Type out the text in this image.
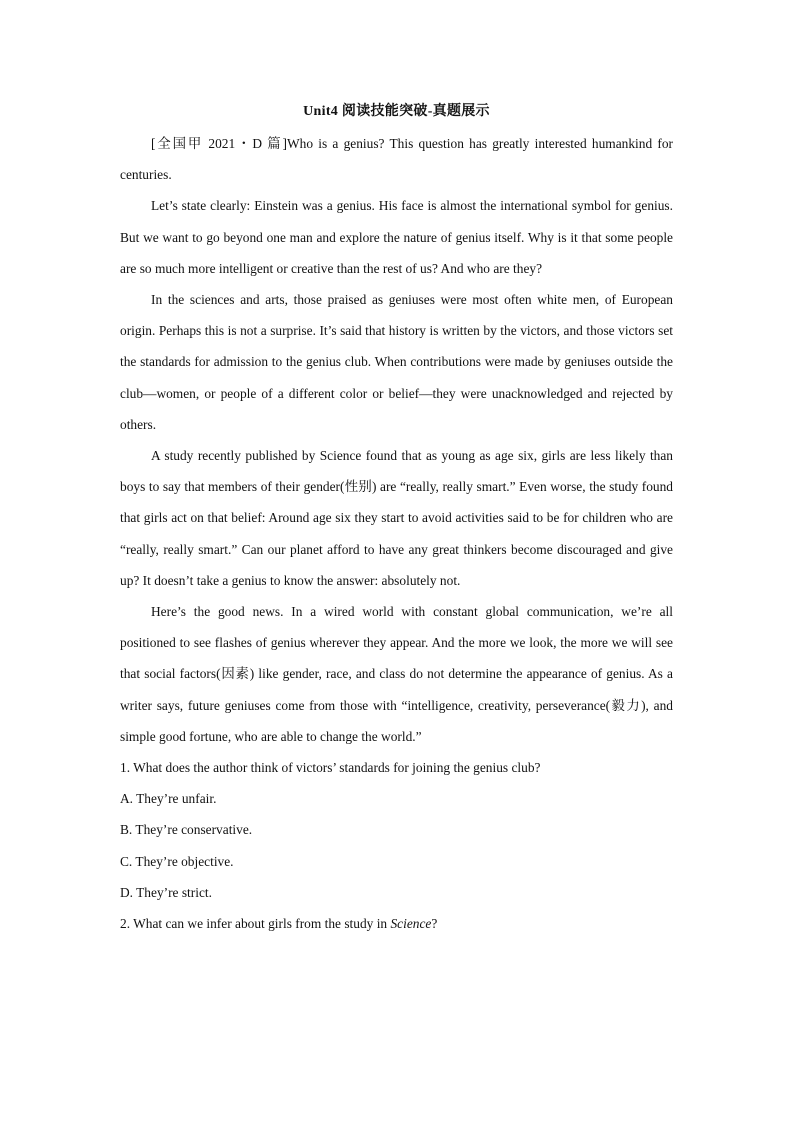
Unit4 阅读技能突破-真题展示

[全国甲 2021・D 篇]Who is a genius? This question has greatly interested humankind for centuries.

Let’s state clearly: Einstein was a genius. His face is almost the international symbol for genius. But we want to go beyond one man and explore the nature of genius itself. Why is it that some people are so much more intelligent or creative than the rest of us? And who are they?

In the sciences and arts, those praised as geniuses were most often white men, of European origin. Perhaps this is not a surprise. It’s said that history is written by the victors, and those victors set the standards for admission to the genius club. When contributions were made by geniuses outside the club—women, or people of a different color or belief—they were unacknowledged and rejected by others.

A study recently published by Science found that as young as age six, girls are less likely than boys to say that members of their gender(性别) are “really, really smart.” Even worse, the study found that girls act on that belief: Around age six they start to avoid activities said to be for children who are “really, really smart.” Can our planet afford to have any great thinkers become discouraged and give up? It doesn’t take a genius to know the answer: absolutely not.

Here’s the good news. In a wired world with constant global communication, we’re all positioned to see flashes of genius wherever they appear. And the more we look, the more we will see that social factors(因素) like gender, race, and class do not determine the appearance of genius. As a writer says, future geniuses come from those with “intelligence, creativity, perseverance(毅力), and simple good fortune, who are able to change the world.”

1. What does the author think of victors’ standards for joining the genius club?

A. They’re unfair.

B. They’re conservative.

C. They’re objective.

D. They’re strict.

2. What can we infer about girls from the study in Science?
